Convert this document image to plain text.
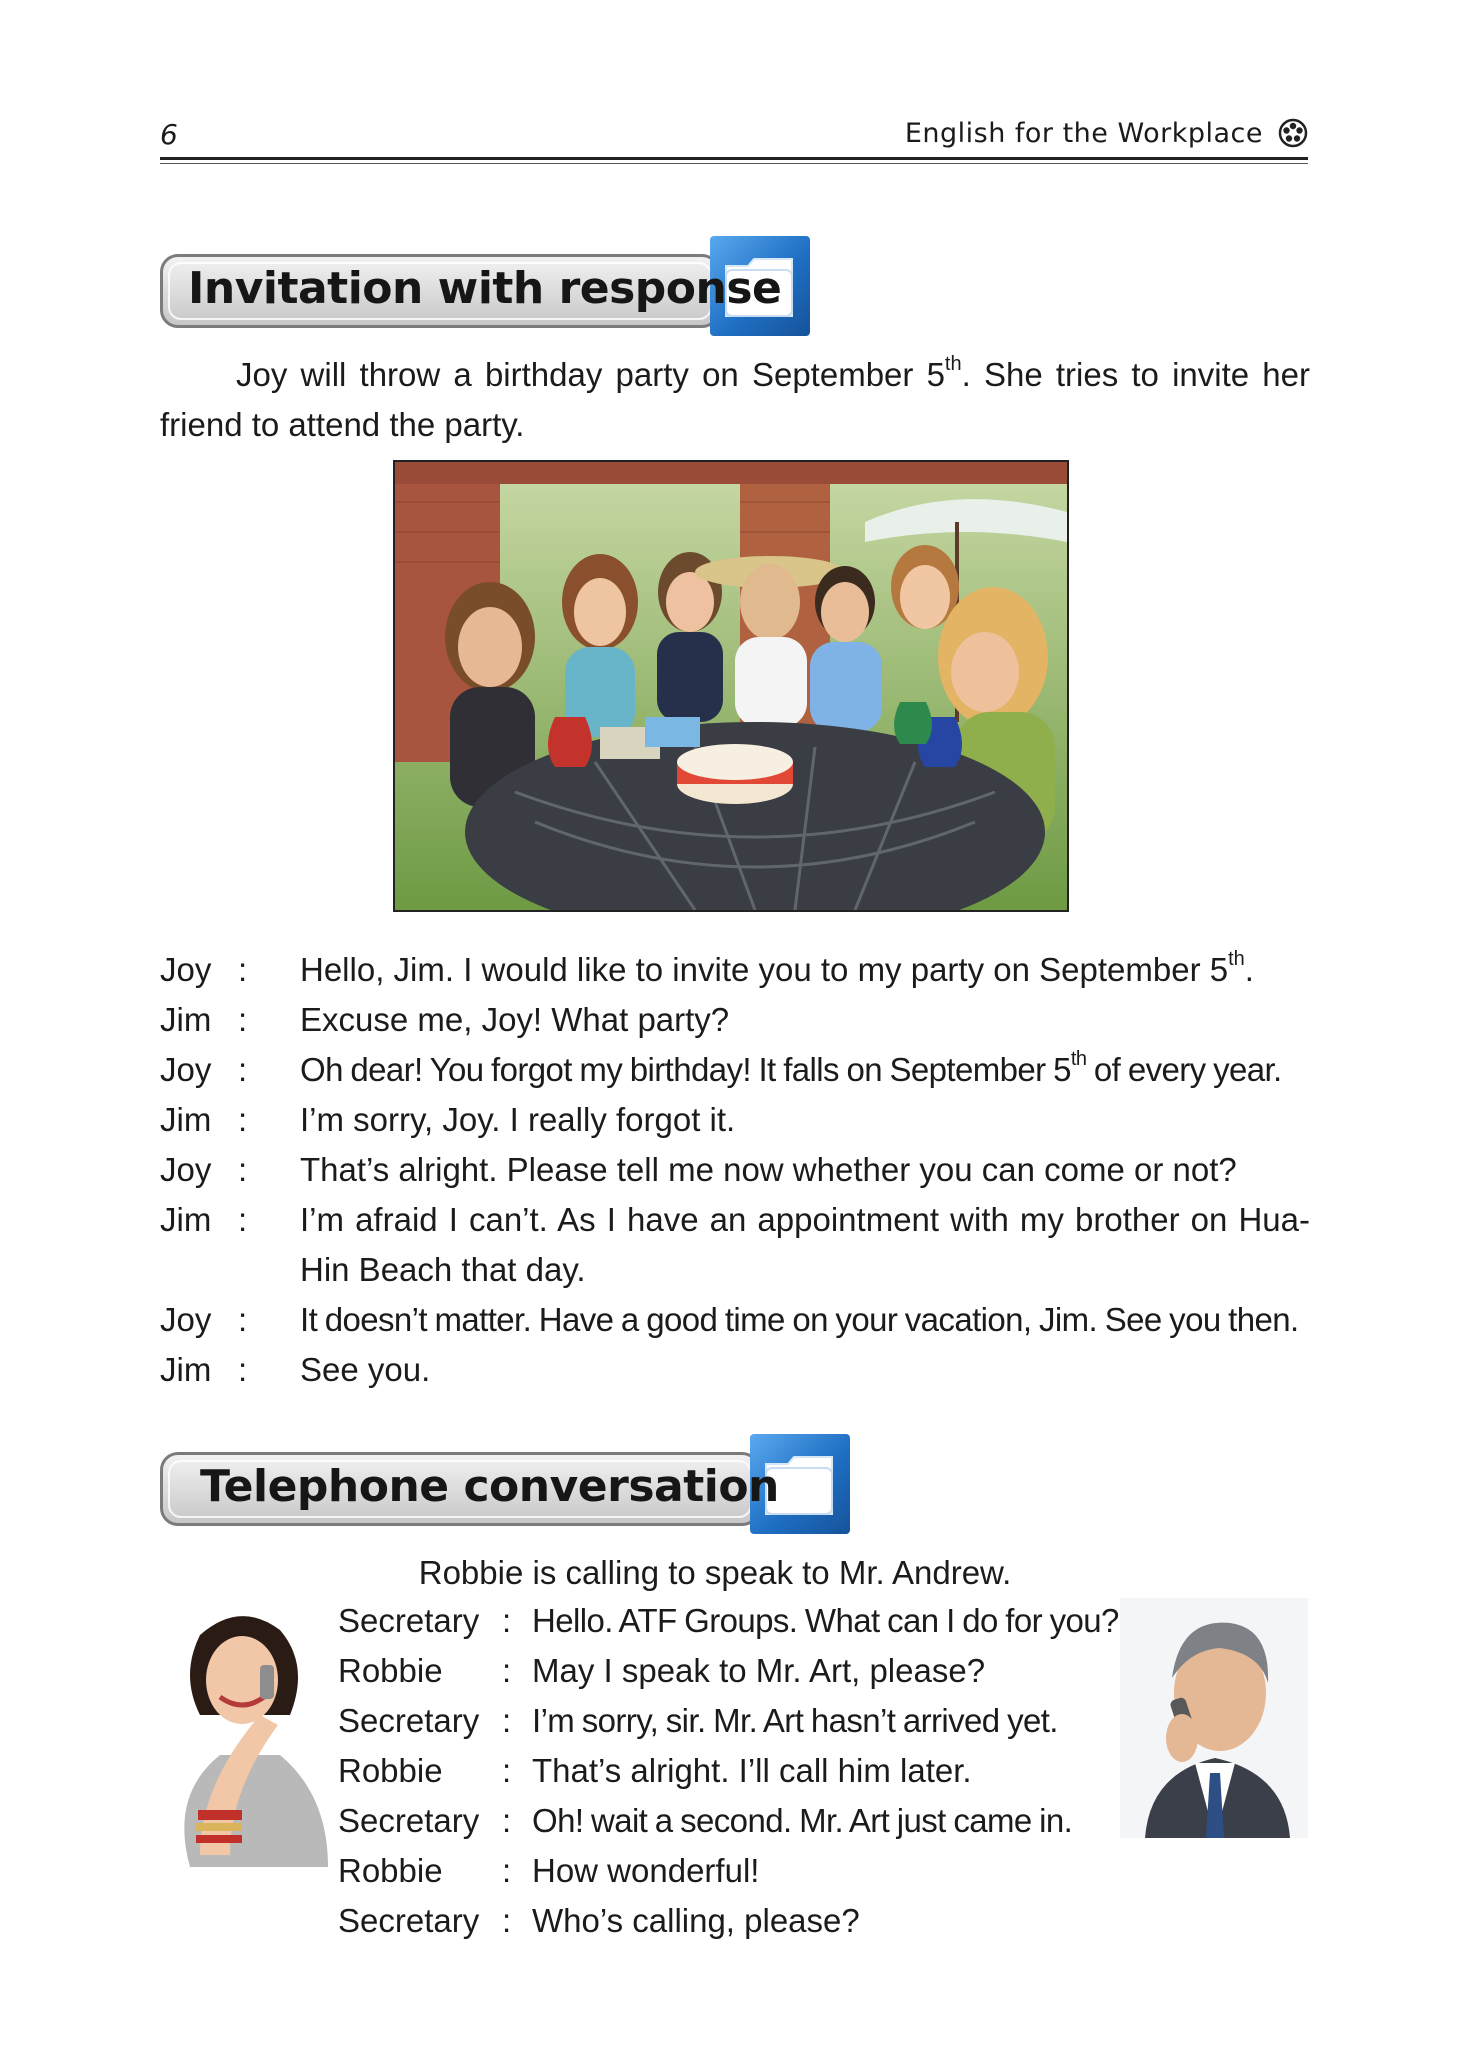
6	English for the Workplace
Invitation with response

Joy will throw a birthday party on September 5th. She tries to invite her friend to attend the party.

Joy :	Hello, Jim. I would like to invite you to my party on September 5th.
Jim :	Excuse me, Joy! What party?
Joy :	Oh dear! You forgot my birthday! It falls on September 5th of every year.
Jim :	I’m sorry, Joy. I really forgot it.
Joy :	That’s alright. Please tell me now whether you can come or not?
Jim :	I’m afraid I can’t. As I have an appointment with my brother on Hua-Hin Beach that day.
Joy :	It doesn’t matter. Have a good time on your vacation, Jim. See you then.
Jim :	See you.
Telephone conversation

Robbie is calling to speak to Mr. Andrew.

Secretary : Hello. ATF Groups. What can I do for you?
Robbie	: May I speak to Mr. Art, please?
Secretary : I’m sorry, sir. Mr. Art hasn’t arrived yet.
Robbie	: That’s alright. I’ll call him later.
Secretary : Oh! wait a second. Mr. Art just came in.
Robbie	: How wonderful!
Secretary : Who’s calling, please?
